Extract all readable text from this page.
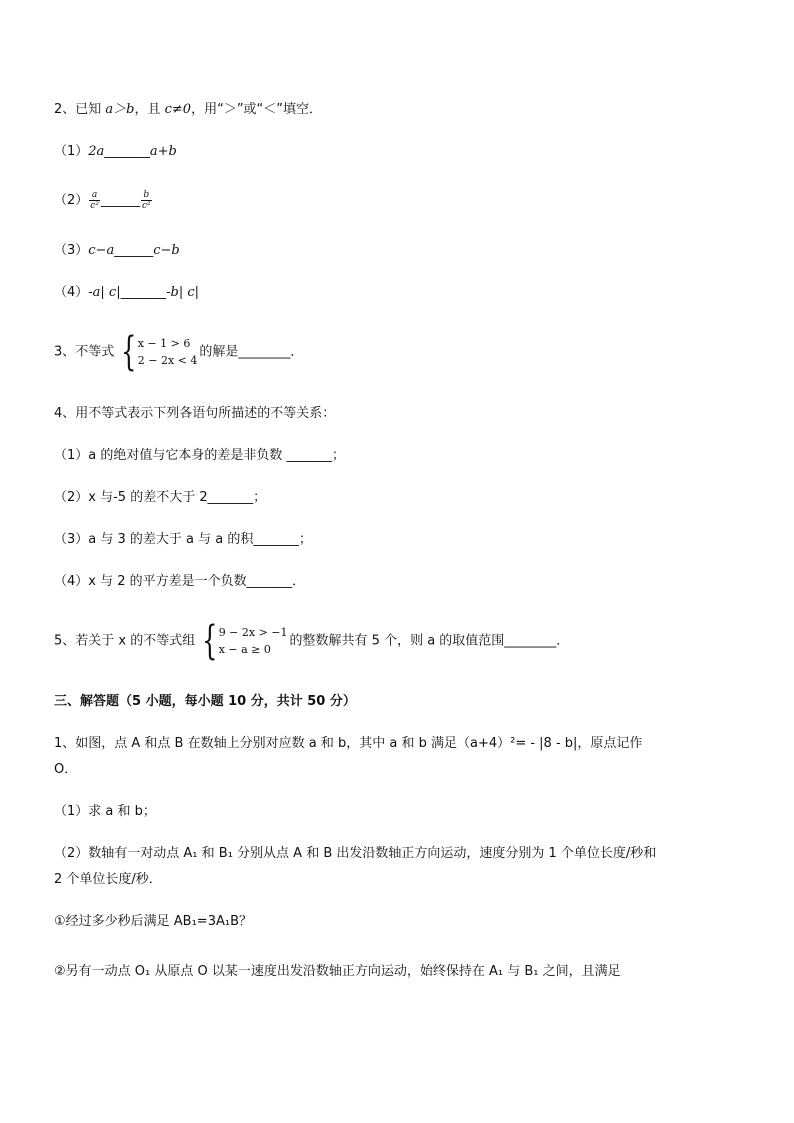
2、已知 a＞b，且 c≠0，用“＞”或“＜”填空．
（1）2a_______a+b
$(2) \frac{a}{\text{c²}}$ ______ $\frac{b}{\text{c²}}$
（3）c−a______c−b
（4）-a| c|_______-b| c|
3、不等式 { x − 1 > 6
2 − 2x < 4
的解是________．
4、用不等式表示下列各语句所描述的不等关系：
（1）a 的绝对值与它本身的差是非负数 _______；
（2）x 与-5 的差不大于 2_______；
（3）a 与 3 的差大于 a 与 a 的积_______；
（4）x 与 2 的平方差是一个负数_______．
5、若关于 x 的不等式组 { 9 − 2x > −1
x − a ≥ 0
的整数解共有 5 个，则 a 的取值范围________．
三、解答题（5 小题，每小题 10 分，共计 50 分）
1、如图，点 A 和点 B 在数轴上分别对应数 a 和 b，其中 a 和 b 满足（a+4）²= - |8 - b|，原点记作
O．
（1）求 a 和 b；
（2）数轴有一对动点 A₁ 和 B₁ 分别从点 A 和 B 出发沿数轴正方向运动，速度分别为 1 个单位长度/秒和
2 个单位长度/秒．
①经过多少秒后满足 AB₁=3A₁B？
②另有一动点 O₁ 从原点 O 以某一速度出发沿数轴正方向运动，始终保持在 A₁ 与 B₁ 之间，且满足
